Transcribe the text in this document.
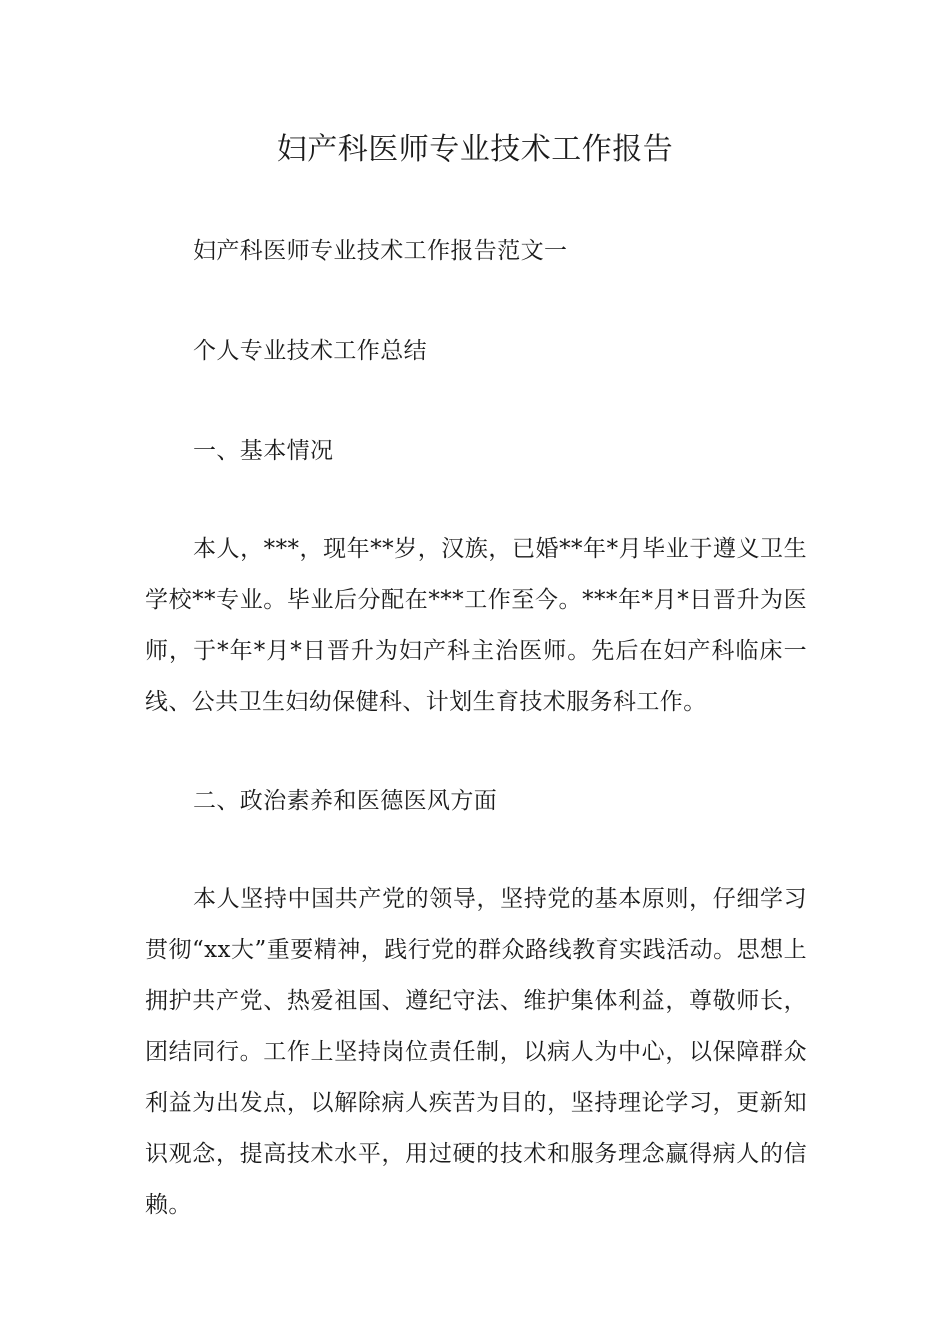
妇产科医师专业技术工作报告

妇产科医师专业技术工作报告范文一

个人专业技术工作总结

一、基本情况

本人，***，现年**岁，汉族，已婚**年*月毕业于遵义卫生学校**专业。毕业后分配在***工作至今。***年*月*日晋升为医师，于*年*月*日晋升为妇产科主治医师。先后在妇产科临床一线、公共卫生妇幼保健科、计划生育技术服务科工作。

二、政治素养和医德医风方面

本人坚持中国共产党的领导，坚持党的基本原则，仔细学习贯彻“xx大”重要精神，践行党的群众路线教育实践活动。思想上拥护共产党、热爱祖国、遵纪守法、维护集体利益，尊敬师长，团结同行。工作上坚持岗位责任制，以病人为中心，以保障群众利益为出发点，以解除病人疾苦为目的，坚持理论学习，更新知识观念，提高技术水平，用过硬的技术和服务理念赢得病人的信赖。
